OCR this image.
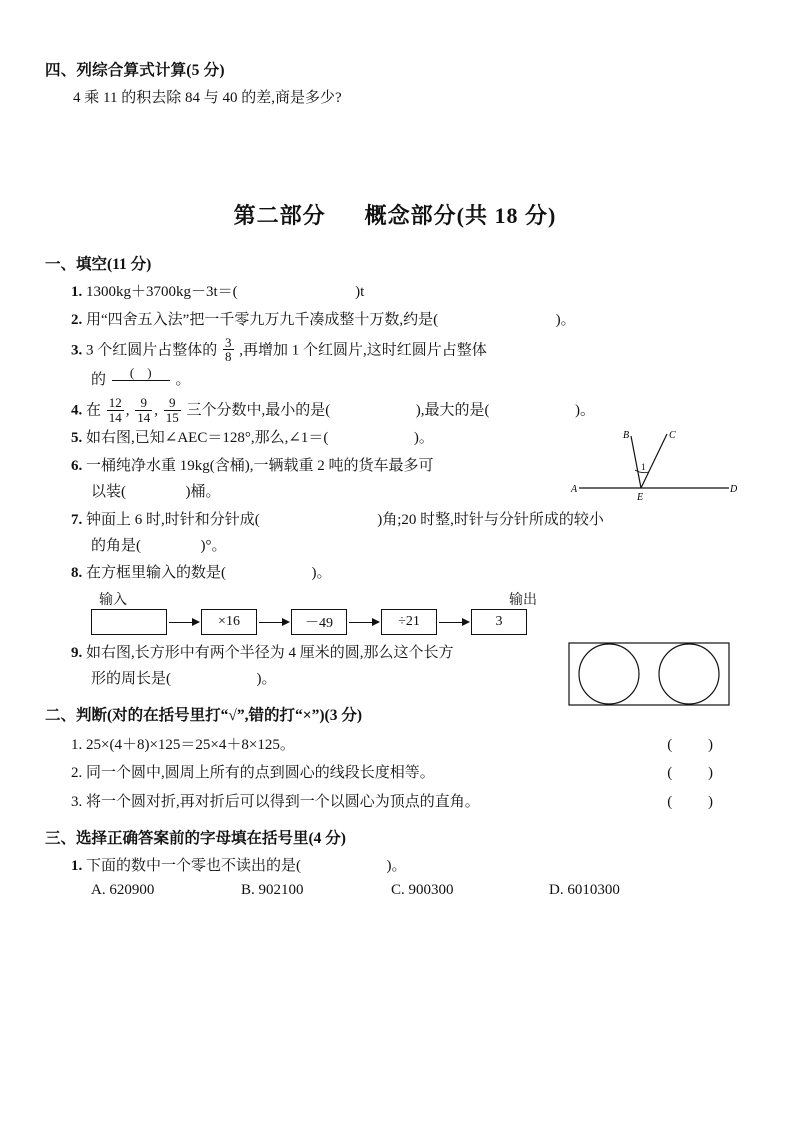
四、列综合算式计算(5 分)
4 乘 11 的积去除 84 与 40 的差,商是多少?
第二部分 概念部分(共 18 分)
一、填空(11 分)
1. 1300kg＋3700kg－3t＝(	)t
2. 用“四舍五入法”把一千零九万九千凑成整十万数,约是(	)。
3. 3 个红圆片占整体的 $\frac{3}{8}$ ,再增加 1 个红圆片,这时红圆片占整体
的	(    )
	。
4. 在 $\frac{12}{14}$ , $\frac{9}{14}$ , $\frac{9}{15}$ 三个分数中,最小的是(	),最大的是(	)。
5. 如右图,已知∠AEC＝128°,那么,∠1＝(	)。
A
B	C
D
E
1
6. 一桶纯净水重 19kg(含桶),一辆载重 2 吨的货车最多可
以装(	)桶。
7. 钟面上 6 时,时针和分针成(	)角;20 时整,时针与分针所成的较小
的角是(	)°。
8. 在方框里输入的数是(	)。
输入	输出
×16	－49	÷21	3
9. 如右图,长方形中有两个半径为 4 厘米的圆,那么这个长方
形的周长是(	)。
二、判断(对的在括号里打“√”,错的打“×”)(3 分)
1. 25×(4＋8)×125＝25×4＋8×125。	( )
2. 同一个圆中,圆周上所有的点到圆心的线段长度相等。	( )
3. 将一个圆对折,再对折后可以得到一个以圆心为顶点的直角。	( )
三、选择正确答案前的字母填在括号里(4 分)
1. 下面的数中一个零也不读出的是(	)。
A. 620900	B. 902100	C. 900300	D. 6010300
